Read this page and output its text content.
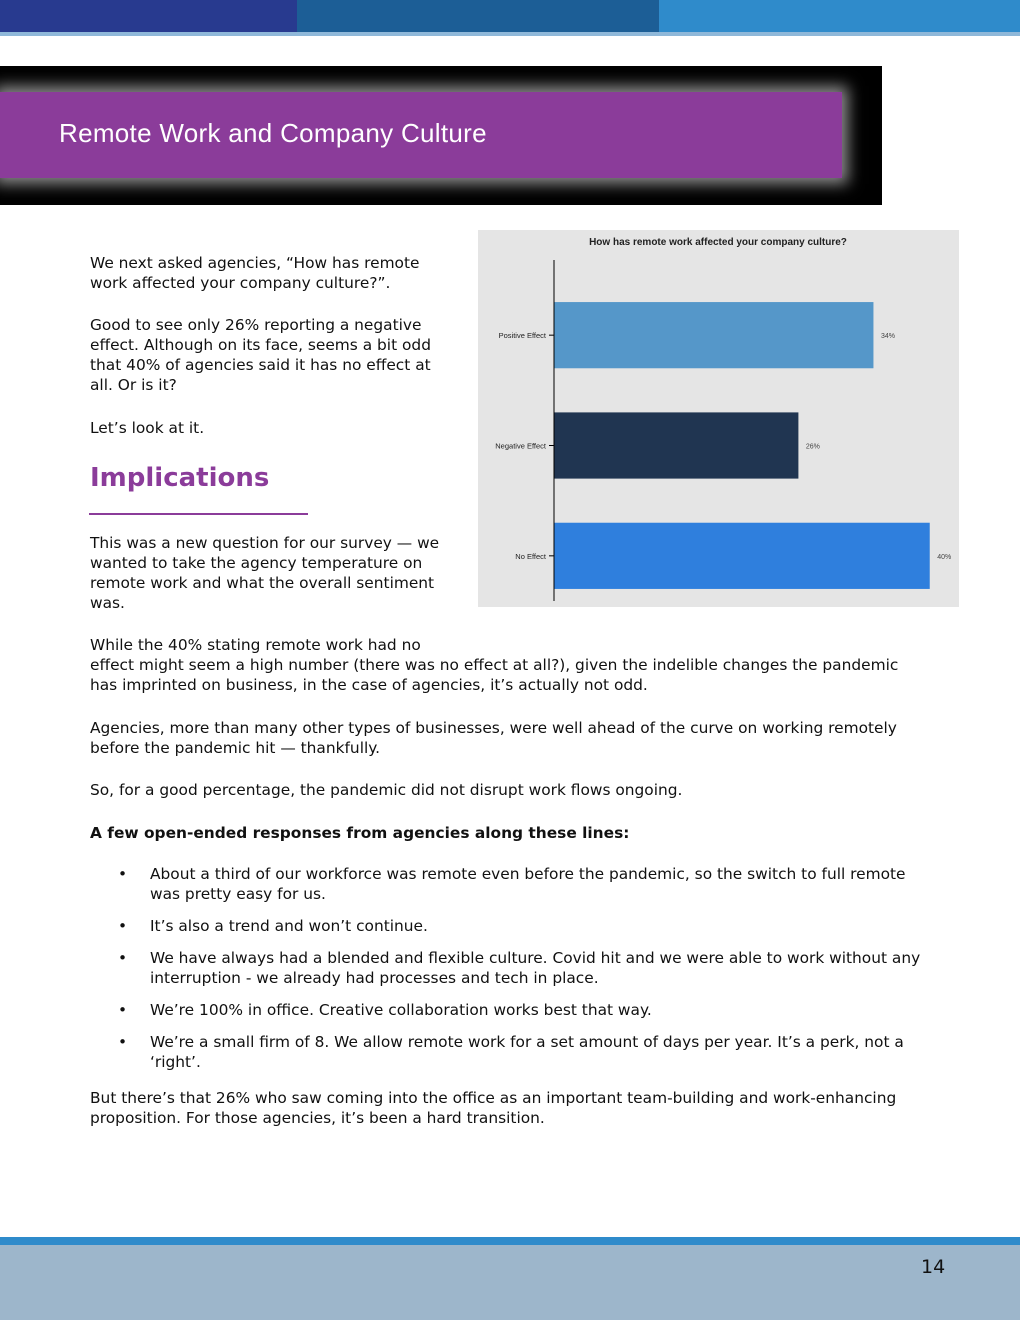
Remote Work and Company Culture

We next asked agencies, “How has remote work affected your company culture?”.

Good to see only 26% reporting a negative effect. Although on its face, seems a bit odd that 40% of agencies said it has no effect at all. Or is it?

Let’s look at it.

Implications

This was a new question for our survey — we wanted to take the agency temperature on remote work and what the overall sentiment was.

While the 40% stating remote work had no

effect might seem a high number (there was no effect at all?), given the indelible changes the pandemic has imprinted on business, in the case of agencies, it’s actually not odd.

Agencies, more than many other types of businesses, were well ahead of the curve on working remotely before the pandemic hit — thankfully.

So, for a good percentage, the pandemic did not disrupt work flows ongoing.

A few open-ended responses from agencies along these lines:

• About a third of our workforce was remote even before the pandemic, so the switch to full remote was pretty easy for us.
• It’s also a trend and won’t continue.
• We have always had a blended and flexible culture. Covid hit and we were able to work without any interruption - we already had processes and tech in place.
• We’re 100% in office. Creative collaboration works best that way.
• We’re a small firm of 8. We allow remote work for a set amount of days per year. It’s a perk, not a ‘right’.

But there’s that 26% who saw coming into the office as an important team-building and work-enhancing proposition. For those agencies, it’s been a hard transition.

How has remote work affected your company culture?
Positive Effect	34%
Negative Effect	26%
No Effect	40%
14
